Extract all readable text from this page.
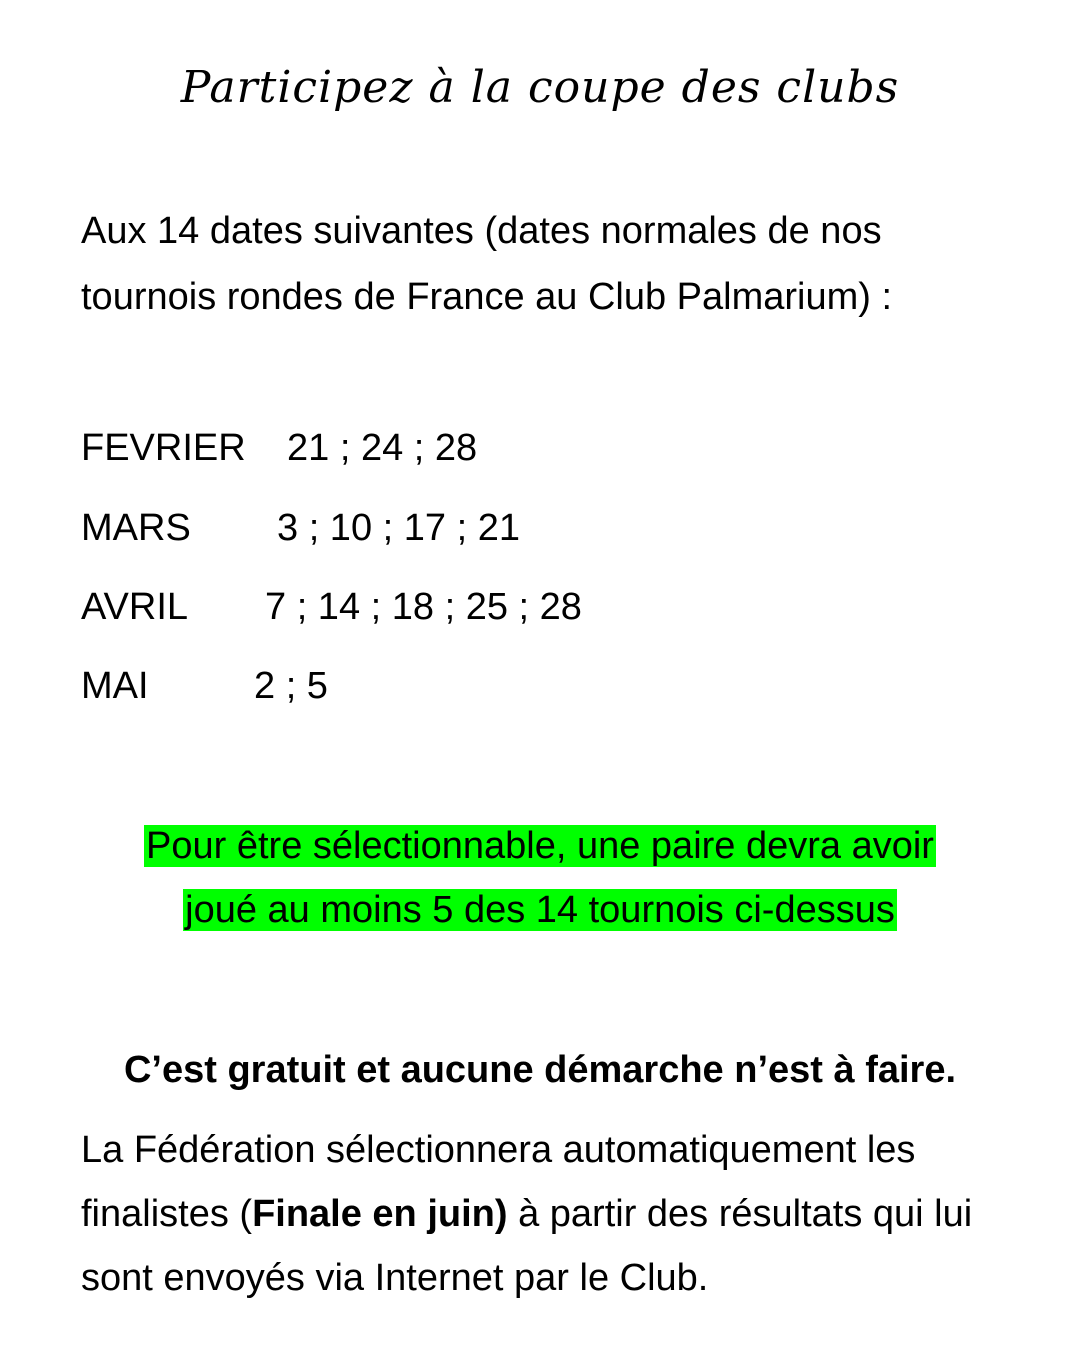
Participez à la coupe des clubs
Aux 14 dates suivantes (dates normales de nos tournois rondes de France au Club Palmarium) :
FEVRIER 21 ; 24 ; 28
MARS 3 ; 10 ; 17 ; 21
AVRIL 7 ; 14 ; 18 ; 25 ; 28
MAI	2 ; 5
Pour être sélectionnable, une paire devra avoir
joué au moins 5 des 14 tournois ci-dessus
C’est gratuit et aucune démarche n’est à faire.
La Fédération sélectionnera automatiquement les finalistes (Finale en juin) à partir des résultats qui lui sont envoyés via Internet par le Club.
